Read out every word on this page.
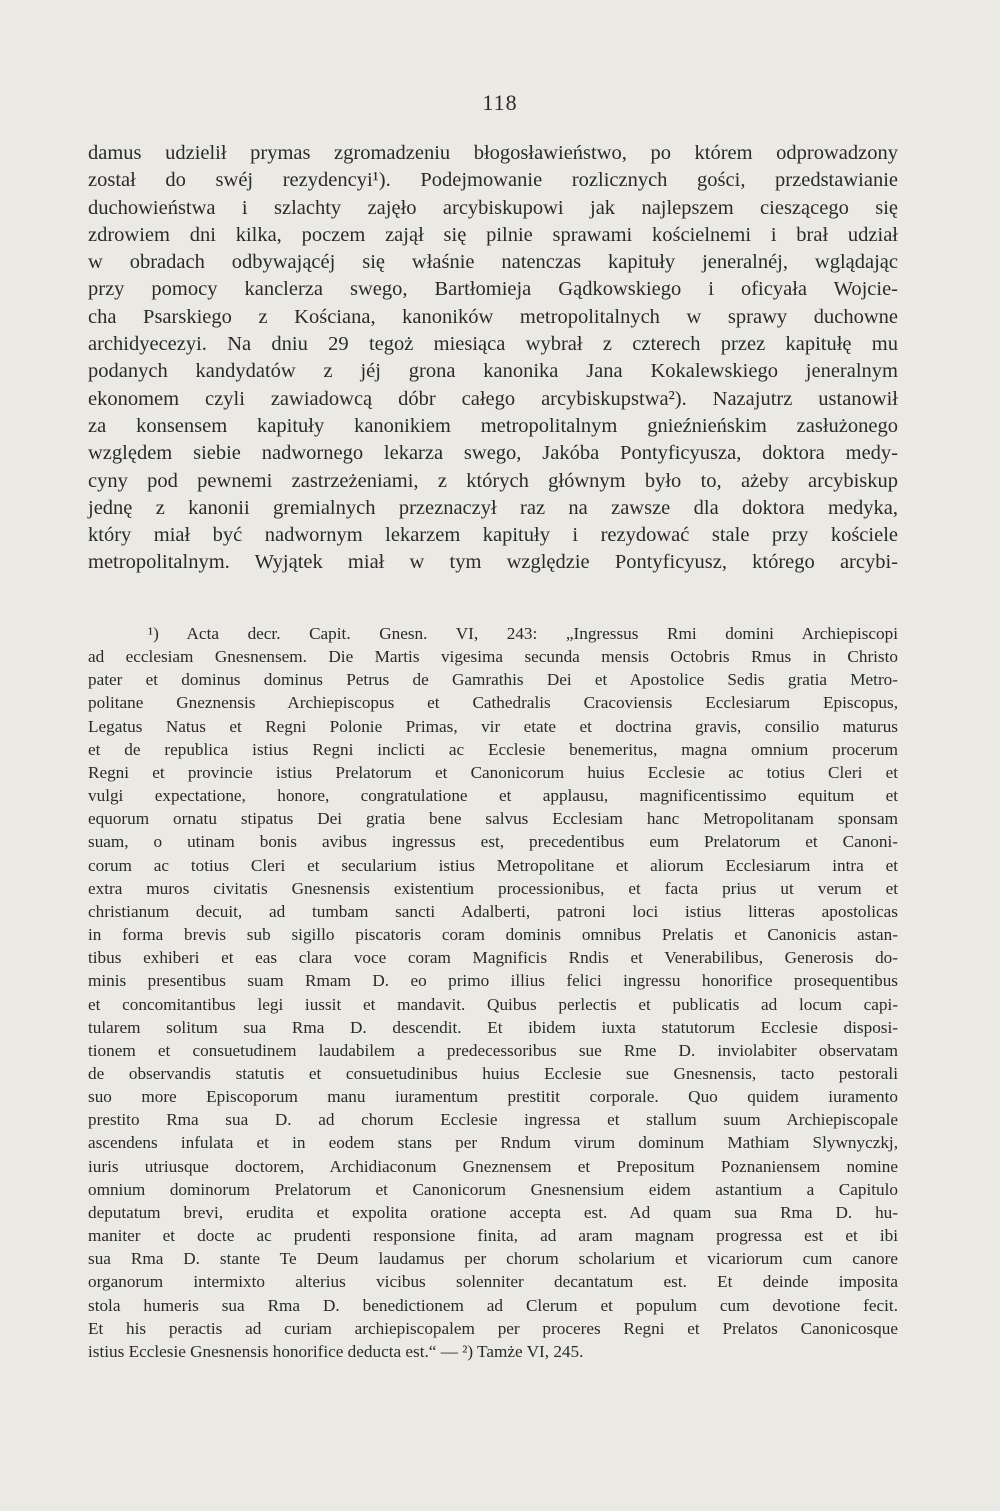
118
damus udzielił prymas zgromadzeniu błogosławieństwo, po którem odprowadzony
został do swéj rezydencyi¹). Podejmowanie rozlicznych gości, przedstawianie
duchowieństwa i szlachty zajęło arcybiskupowi jak najlepszem cieszącego się
zdrowiem dni kilka, poczem zajął się pilnie sprawami kościelnemi i brał udział
w obradach odbywającéj się właśnie natenczas kapituły jeneralnéj, wglądając
przy pomocy kanclerza swego, Bartłomieja Gądkowskiego i oficyała Wojcie-
cha Psarskiego z Kościana, kanoników metropolitalnych w sprawy duchowne
archidyecezyi. Na dniu 29 tegoż miesiąca wybrał z czterech przez kapitułę mu
podanych kandydatów z jéj grona kanonika Jana Kokalewskiego jeneralnym
ekonomem czyli zawiadowcą dóbr całego arcybiskupstwa²). Nazajutrz ustanowił
za konsensem kapituły kanonikiem metropolitalnym gnieźnieńskim zasłużonego
względem siebie nadwornego lekarza swego, Jakóba Pontyficyusza, doktora medy-
cyny pod pewnemi zastrzeżeniami, z których głównym było to, ażeby arcybiskup
jednę z kanonii gremialnych przeznaczył raz na zawsze dla doktora medyka,
który miał być nadwornym lekarzem kapituły i rezydować stale przy kościele
metropolitalnym. Wyjątek miał w tym względzie Pontyficyusz, którego arcybi-
¹) Acta decr. Capit. Gnesn. VI, 243: „Ingressus Rmi domini Archiepiscopi
ad ecclesiam Gnesnensem. Die Martis vigesima secunda mensis Octobris Rmus in Christo
pater et dominus dominus Petrus de Gamrathis Dei et Apostolice Sedis gratia Metro-
politane Gneznensis Archiepiscopus et Cathedralis Cracoviensis Ecclesiarum Episcopus,
Legatus Natus et Regni Polonie Primas, vir etate et doctrina gravis, consilio maturus
et de republica istius Regni inclicti ac Ecclesie benemeritus, magna omnium procerum
Regni et provincie istius Prelatorum et Canonicorum huius Ecclesie ac totius Cleri et
vulgi expectatione, honore, congratulatione et applausu, magnificentissimo equitum et
equorum ornatu stipatus Dei gratia bene salvus Ecclesiam hanc Metropolitanam sponsam
suam, o utinam bonis avibus ingressus est, precedentibus eum Prelatorum et Canoni-
corum ac totius Cleri et secularium istius Metropolitane et aliorum Ecclesiarum intra et
extra muros civitatis Gnesnensis existentium processionibus, et facta prius ut verum et
christianum decuit, ad tumbam sancti Adalberti, patroni loci istius litteras apostolicas
in forma brevis sub sigillo piscatoris coram dominis omnibus Prelatis et Canonicis astan-
tibus exhiberi et eas clara voce coram Magnificis Rndis et Venerabilibus, Generosis do-
minis presentibus suam Rmam D. eo primo illius felici ingressu honorifice prosequentibus
et concomitantibus legi iussit et mandavit. Quibus perlectis et publicatis ad locum capi-
tularem solitum sua Rma D. descendit. Et ibidem iuxta statutorum Ecclesie disposi-
tionem et consuetudinem laudabilem a predecessoribus sue Rme D. inviolabiter observatam
de observandis statutis et consuetudinibus huius Ecclesie sue Gnesnensis, tacto pestorali
suo more Episcoporum manu iuramentum prestitit corporale. Quo quidem iuramento
prestito Rma sua D. ad chorum Ecclesie ingressa et stallum suum Archiepiscopale
ascendens infulata et in eodem stans per Rndum virum dominum Mathiam Slywnyczkj,
iuris utriusque doctorem, Archidiaconum Gneznensem et Prepositum Poznaniensem nomine
omnium dominorum Prelatorum et Canonicorum Gnesnensium eidem astantium a Capitulo
deputatum brevi, erudita et expolita oratione accepta est. Ad quam sua Rma D. hu-
maniter et docte ac prudenti responsione finita, ad aram magnam progressa est et ibi
sua Rma D. stante Te Deum laudamus per chorum scholarium et vicariorum cum canore
organorum intermixto alterius vicibus solenniter decantatum est. Et deinde imposita
stola humeris sua Rma D. benedictionem ad Clerum et populum cum devotione fecit.
Et his peractis ad curiam archiepiscopalem per proceres Regni et Prelatos Canonicosque
istius Ecclesie Gnesnensis honorifice deducta est.“ — ²) Tamże VI, 245.
